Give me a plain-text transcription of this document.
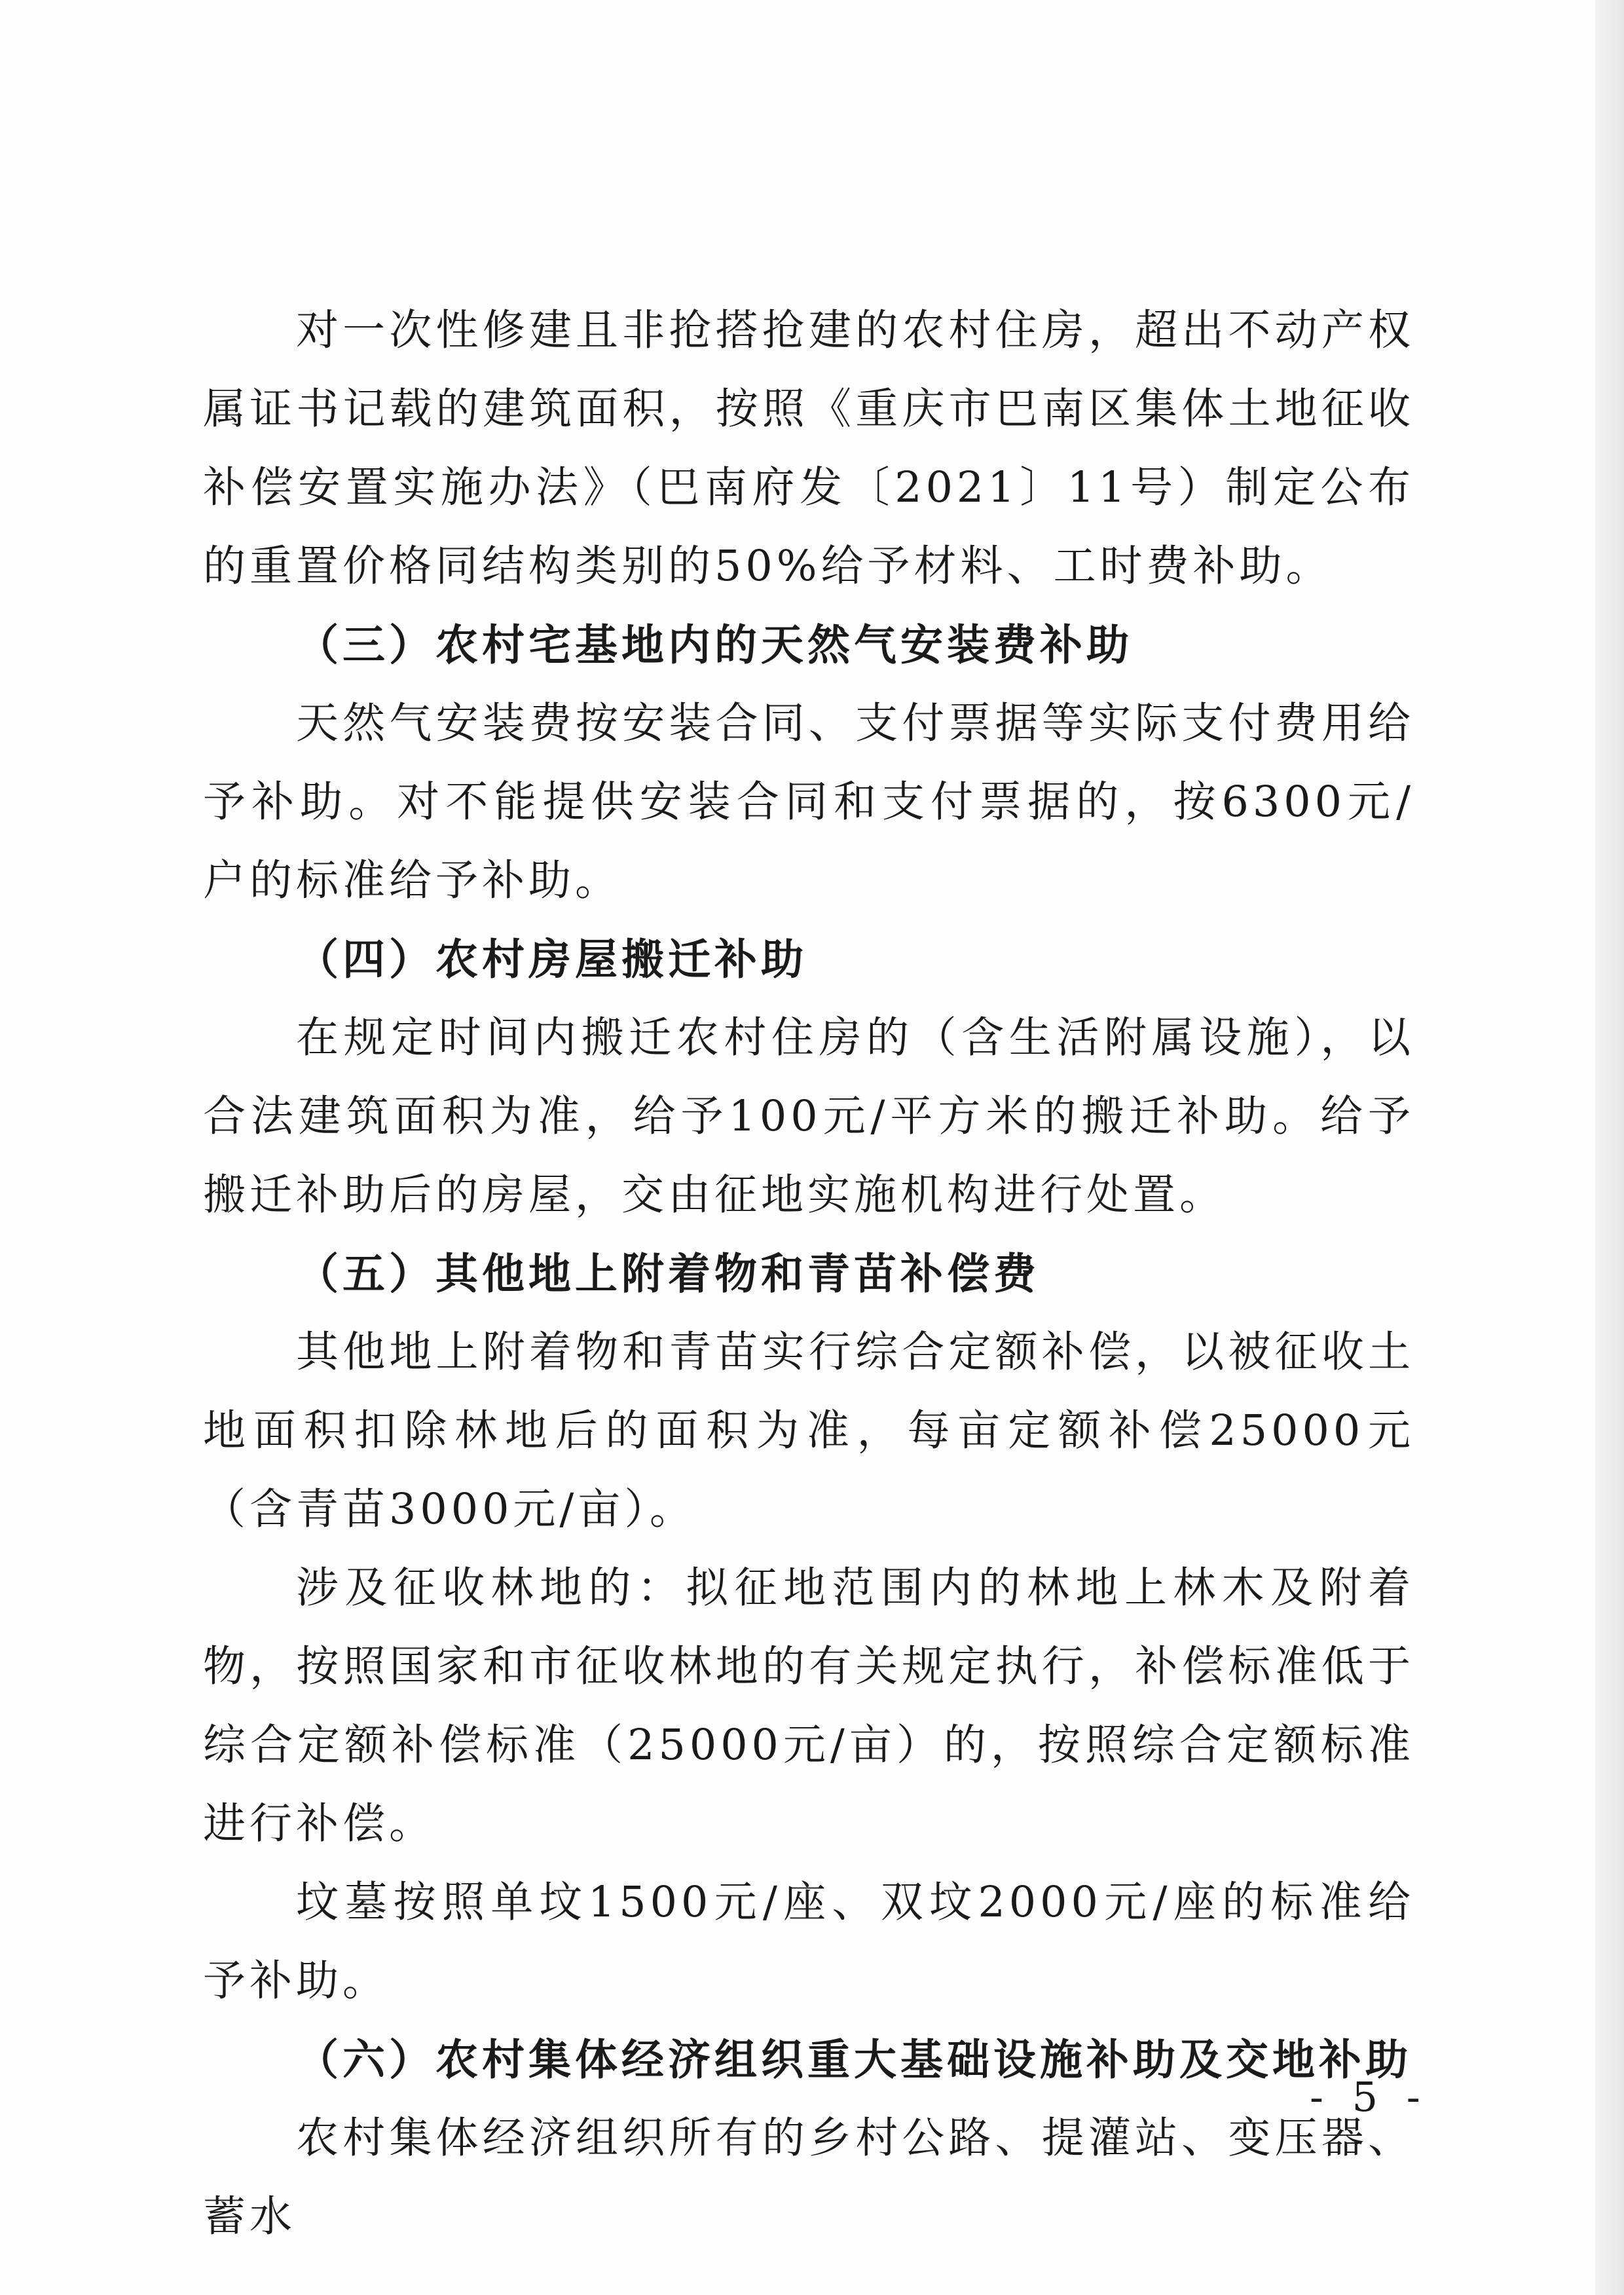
对一次性修建且非抢搭抢建的农村住房，超出不动产权属证书记载的建筑面积，按照《重庆市巴南区集体土地征收补偿安置实施办法》（巴南府发〔2021〕11号）制定公布的重置价格同结构类别的50%给予材料、工时费补助。

（三）农村宅基地内的天然气安装费补助

天然气安装费按安装合同、支付票据等实际支付费用给予补助。对不能提供安装合同和支付票据的，按6300元/户的标准给予补助。

（四）农村房屋搬迁补助

在规定时间内搬迁农村住房的（含生活附属设施），以合法建筑面积为准，给予100元/平方米的搬迁补助。给予搬迁补助后的房屋，交由征地实施机构进行处置。

（五）其他地上附着物和青苗补偿费

其他地上附着物和青苗实行综合定额补偿，以被征收土地面积扣除林地后的面积为准，每亩定额补偿25000元（含青苗3000元/亩）。

涉及征收林地的：拟征地范围内的林地上林木及附着物，按照国家和市征收林地的有关规定执行，补偿标准低于综合定额补偿标准（25000元/亩）的，按照综合定额标准进行补偿。

坟墓按照单坟1500元/座、双坟2000元/座的标准给予补助。

（六）农村集体经济组织重大基础设施补助及交地补助

农村集体经济组织所有的乡村公路、提灌站、变压器、蓄水

- 5 -
